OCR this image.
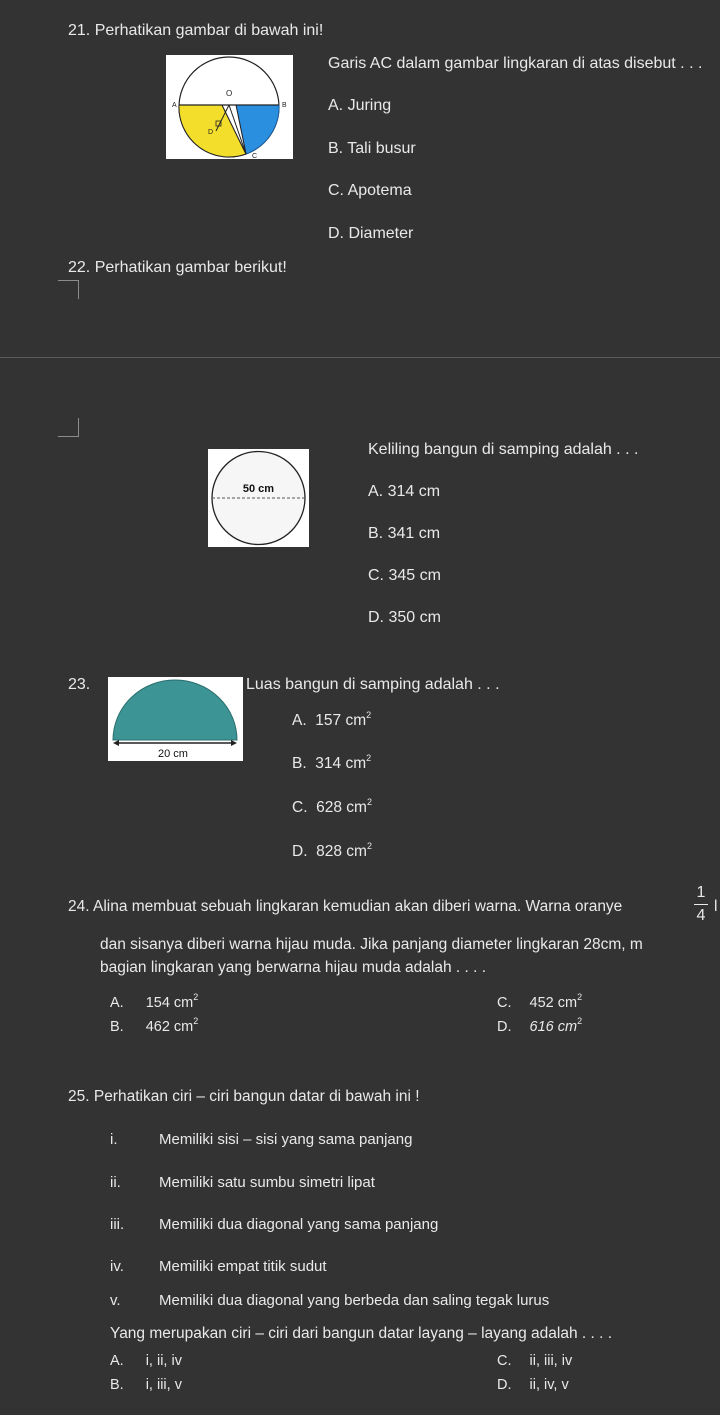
21. Perhatikan gambar di bawah ini!
O
A	B
C
D
Garis AC dalam gambar lingkaran di atas disebut . . .
A. Juring
B. Tali busur
C. Apotema
D. Diameter
22. Perhatikan gambar berikut!
50 cm
Keliling bangun di samping adalah . . .
A. 314 cm
B. 341 cm
C. 345 cm
D. 350 cm
23.
20 cm
Luas bangun di samping adalah . . .
A. 157 $cm^2$
B. 314 $cm^2$
C. 628 $cm^2$
D. 828 $cm^2$
24. Alina membuat sebuah lingkaran kemudian akan diberi warna. Warna oranye
1
4
l
dan sisanya diberi warna hijau muda. Jika panjang diameter lingkaran 28cm, m
bagian lingkaran yang berwarna hijau muda adalah . . . .
A. 154 $cm^2$	C. 452 $cm^2$
B. 462 $cm^2$	D. 616 $cm^2$
25. Perhatikan ciri – ciri bangun datar di bawah ini !
i.	Memiliki sisi – sisi yang sama panjang
ii.	Memiliki satu sumbu simetri lipat
iii. Memiliki dua diagonal yang sama panjang
iv. Memiliki empat titik sudut
v.	Memiliki dua diagonal yang berbeda dan saling tegak lurus
Yang merupakan ciri – ciri dari bangun datar layang – layang adalah . . . .
A. i, ii, iv	C. ii, iii, iv
B. i, iii, v	D. ii, iv, v
